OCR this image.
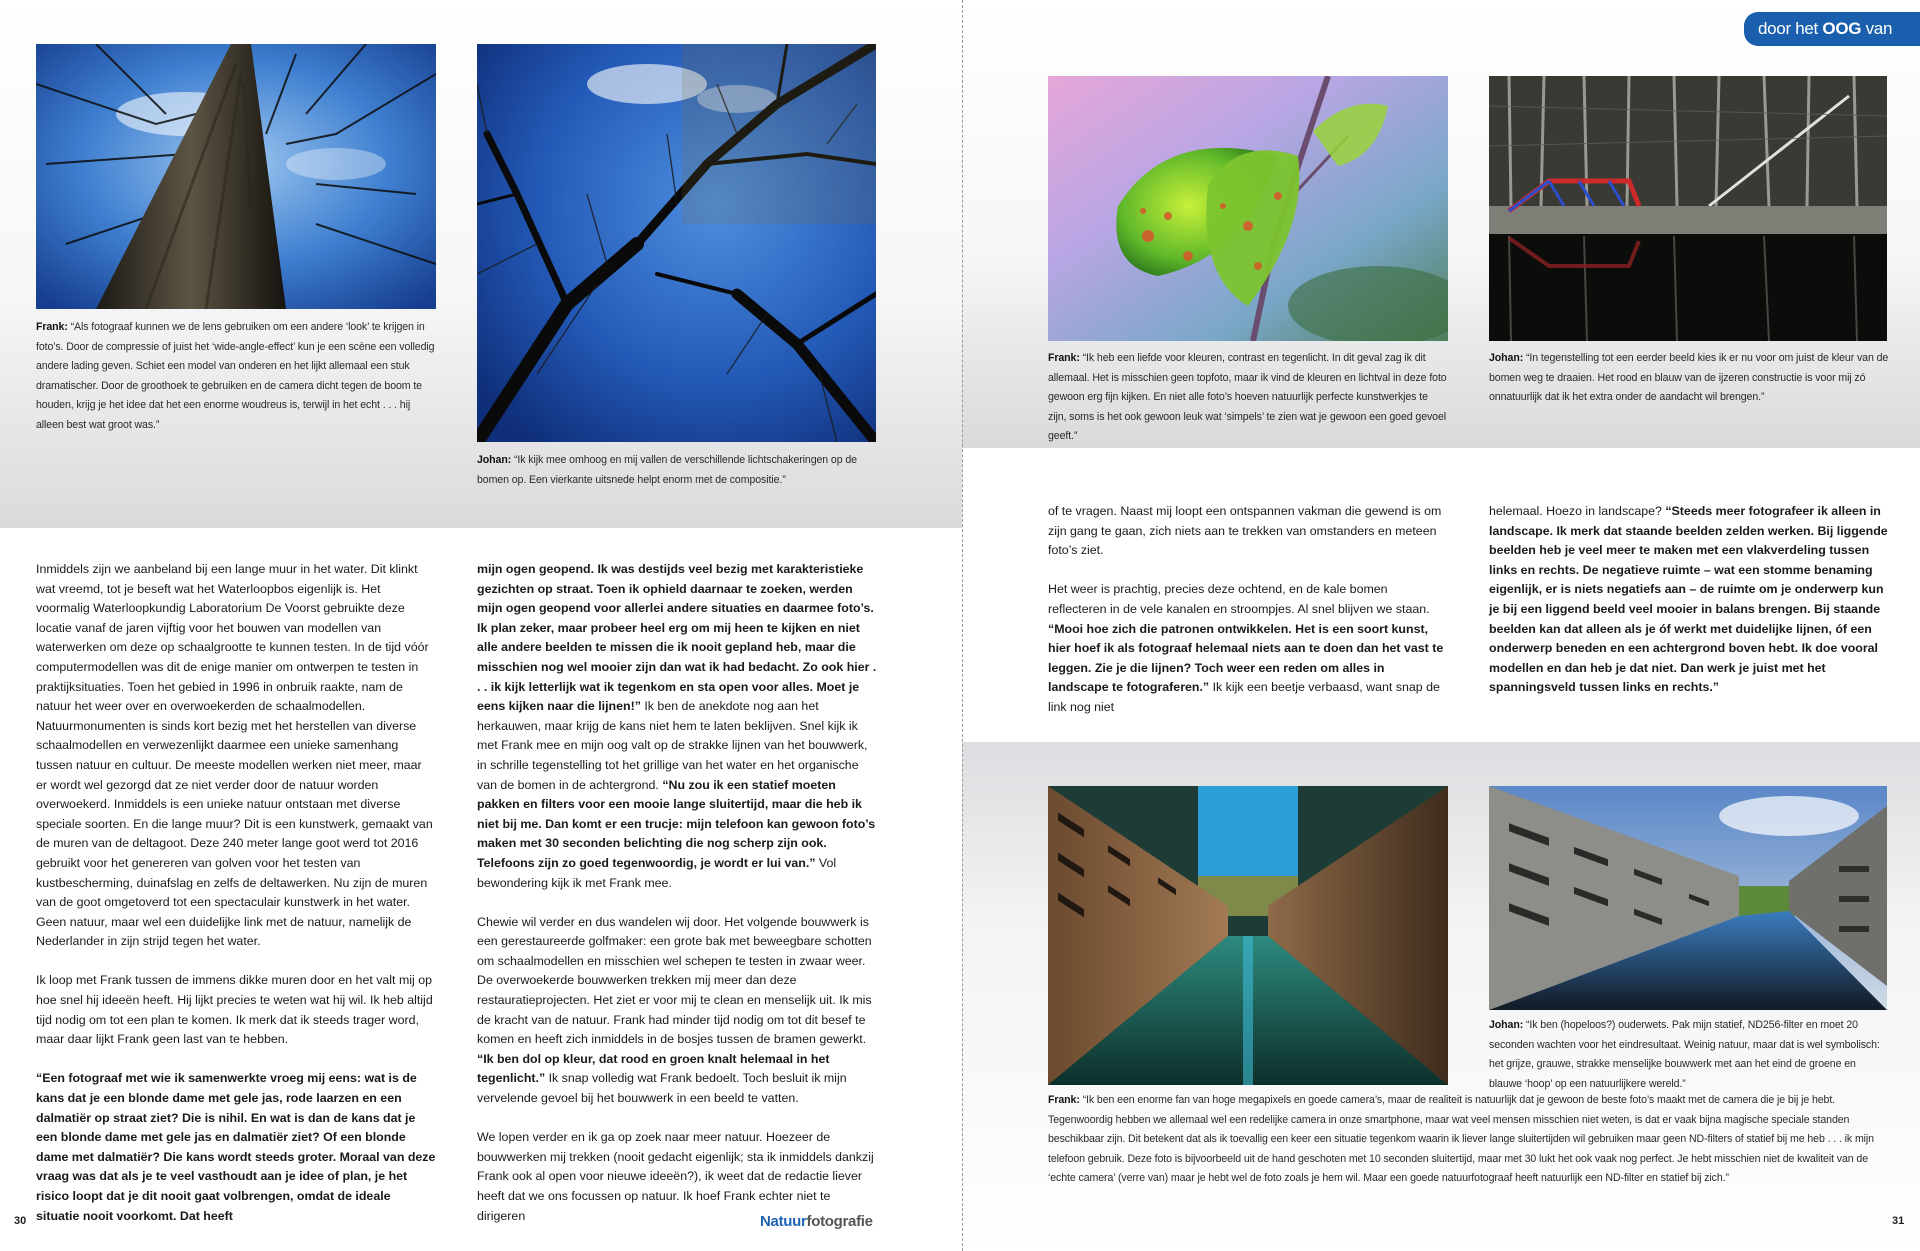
Frank: “Als fotograaf kunnen we de lens gebruiken om een andere ‘look’ te krijgen in foto’s. Door de compressie of juist het ‘wide-angle-effect’ kun je een scène een volledig andere lading geven. Schiet een model van onderen en het lijkt allemaal een stuk dramatischer. Door de groothoek te gebruiken en de camera dicht tegen de boom te houden, krijg je het idee dat het een enorme woudreus is, terwijl in het echt . . . hij alleen best wat groot was.”
Johan: “Ik kijk mee omhoog en mij vallen de verschillende lichtschakeringen op de bomen op. Een vierkante uitsnede helpt enorm met de compositie.”

Inmiddels zijn we aanbeland bij een lange muur in het water. Dit klinkt wat vreemd, tot je beseft wat het Waterloopbos eigenlijk is. Het voormalig Waterloopkundig Laboratorium De Voorst gebruikte deze locatie vanaf de jaren vijftig voor het bouwen van modellen van waterwerken om deze op schaalgrootte te kunnen testen. In de tijd vóór computermodellen was dit de enige manier om ontwerpen te testen in praktijksituaties. Toen het gebied in 1996 in onbruik raakte, nam de natuur het weer over en overwoekerden de schaalmodellen. Natuurmonumenten is sinds kort bezig met het herstellen van diverse schaalmodellen en verwezenlijkt daarmee een unieke samenhang tussen natuur en cultuur. De meeste modellen werken niet meer, maar er wordt wel gezorgd dat ze niet verder door de natuur worden overwoekerd. Inmiddels is een unieke natuur ontstaan met diverse speciale soorten. En die lange muur? Dit is een kunstwerk, gemaakt van de muren van de deltagoot. Deze 240 meter lange goot werd tot 2016 gebruikt voor het genereren van golven voor het testen van kustbescherming, duinafslag en zelfs de deltawerken. Nu zijn de muren van de goot omgetoverd tot een spectaculair kunstwerk in het water. Geen natuur, maar wel een duidelijke link met de natuur, namelijk de Nederlander in zijn strijd tegen het water.

Ik loop met Frank tussen de immens dikke muren door en het valt mij op hoe snel hij ideeën heeft. Hij lijkt precies te weten wat hij wil. Ik heb altijd tijd nodig om tot een plan te komen. Ik merk dat ik steeds trager word, maar daar lijkt Frank geen last van te hebben.

“Een fotograaf met wie ik samenwerkte vroeg mij eens: wat is de kans dat je een blonde dame met gele jas, rode laarzen en een dalmatiër op straat ziet? Die is nihil. En wat is dan de kans dat je een blonde dame met gele jas en dalmatiër ziet? Of een blonde dame met dalmatiër? Die kans wordt steeds groter. Moraal van deze vraag was dat als je te veel vasthoudt aan je idee of plan, je het risico loopt dat je dit nooit gaat volbrengen, omdat de ideale situatie nooit voorkomt. Dat heeft

mijn ogen geopend. Ik was destijds veel bezig met karakteristieke gezichten op straat. Toen ik ophield daarnaar te zoeken, werden mijn ogen geopend voor allerlei andere situaties en daarmee foto’s. Ik plan zeker, maar probeer heel erg om mij heen te kijken en niet alle andere beelden te missen die ik nooit gepland heb, maar die misschien nog wel mooier zijn dan wat ik had bedacht. Zo ook hier . . . ik kijk letterlijk wat ik tegenkom en sta open voor alles. Moet je eens kijken naar die lijnen!” Ik ben de anekdote nog aan het herkauwen, maar krijg de kans niet hem te laten beklijven. Snel kijk ik met Frank mee en mijn oog valt op de strakke lijnen van het bouwwerk, in schrille tegenstelling tot het grillige van het water en het organische van de bomen in de achtergrond. “Nu zou ik een statief moeten pakken en filters voor een mooie lange sluitertijd, maar die heb ik niet bij me. Dan komt er een trucje: mijn telefoon kan gewoon foto’s maken met 30 seconden belichting die nog scherp zijn ook. Telefoons zijn zo goed tegenwoordig, je wordt er lui van.” Vol bewondering kijk ik met Frank mee.

Chewie wil verder en dus wandelen wij door. Het volgende bouwwerk is een gerestaureerde golfmaker: een grote bak met beweegbare schotten om schaalmodellen en misschien wel schepen te testen in zwaar weer. De overwoekerde bouwwerken trekken mij meer dan deze restauratieprojecten. Het ziet er voor mij te clean en menselijk uit. Ik mis de kracht van de natuur. Frank had minder tijd nodig om tot dit besef te komen en heeft zich inmiddels in de bosjes tussen de bramen gewerkt. “Ik ben dol op kleur, dat rood en groen knalt helemaal in het tegenlicht.” Ik snap volledig wat Frank bedoelt. Toch besluit ik mijn vervelende gevoel bij het bouwwerk in een beeld te vatten.

We lopen verder en ik ga op zoek naar meer natuur. Hoezeer de bouwwerken mij trekken (nooit gedacht eigenlijk; sta ik inmiddels dankzij Frank ook al open voor nieuwe ideeën?), ik weet dat de redactie liever heeft dat we ons focussen op natuur. Ik hoef Frank echter niet te dirigeren

30	Natuurfotografie
door het OOG van
Frank: “Ik heb een liefde voor kleuren, contrast en tegenlicht. In dit geval zag ik dit allemaal. Het is misschien geen topfoto, maar ik vind de kleuren en lichtval in deze foto gewoon erg fijn kijken. En niet alle foto’s hoeven natuurlijk perfecte kunstwerkjes te zijn, soms is het ook gewoon leuk wat ‘simpels’ te zien wat je gewoon een goed gevoel geeft.”
Johan: “In tegenstelling tot een eerder beeld kies ik er nu voor om juist de kleur van de bomen weg te draaien. Het rood en blauw van de ijzeren constructie is voor mij zó onnatuurlijk dat ik het extra onder de aandacht wil brengen.”

of te vragen. Naast mij loopt een ontspannen vakman die gewend is om zijn gang te gaan, zich niets aan te trekken van omstanders en meteen foto’s ziet.

Het weer is prachtig, precies deze ochtend, en de kale bomen reflecteren in de vele kanalen en stroompjes. Al snel blijven we staan. “Mooi hoe zich die patronen ontwikkelen. Het is een soort kunst, hier hoef ik als fotograaf helemaal niets aan te doen dan het vast te leggen. Zie je die lijnen? Toch weer een reden om alles in landscape te fotograferen.” Ik kijk een beetje verbaasd, want snap de link nog niet

helemaal. Hoezo in landscape? “Steeds meer fotografeer ik alleen in landscape. Ik merk dat staande beelden zelden werken. Bij liggende beelden heb je veel meer te maken met een vlakverdeling tussen links en rechts. De negatieve ruimte – wat een stomme benaming eigenlijk, er is niets negatiefs aan – de ruimte om je onderwerp kun je bij een liggend beeld veel mooier in balans brengen. Bij staande beelden kan dat alleen als je óf werkt met duidelijke lijnen, óf een onderwerp beneden en een achtergrond boven hebt. Ik doe vooral modellen en dan heb je dat niet. Dan werk je juist met het spanningsveld tussen links en rechts.”

Frank: “Ik ben een enorme fan van hoge megapixels en goede camera’s, maar de realiteit is natuurlijk dat je gewoon de beste foto’s maakt met de camera die je bij je hebt. Tegenwoordig hebben we allemaal wel een redelijke camera in onze smartphone, maar wat veel mensen misschien niet weten, is dat er vaak bijna magische speciale standen beschikbaar zijn. Dit betekent dat als ik toevallig een keer een situatie tegenkom waarin ik liever lange sluitertijden wil gebruiken maar geen ND-filters of statief bij me heb . . . ik mijn telefoon gebruik. Deze foto is bijvoorbeeld uit de hand geschoten met 10 seconden sluitertijd, maar met 30 lukt het ook vaak nog perfect. Je hebt misschien niet de kwaliteit van de ‘echte camera’ (verre van) maar je hebt wel de foto zoals je hem wil. Maar een goede natuurfotograaf heeft natuurlijk een ND-filter en statief bij zich.”
Johan: “Ik ben (hopeloos?) ouderwets. Pak mijn statief, ND256-filter en moet 20 seconden wachten voor het eindresultaat. Weinig natuur, maar dat is wel symbolisch: het grijze, grauwe, strakke menselijke bouwwerk met aan het eind de groene en blauwe ‘hoop’ op een natuurlijkere wereld.”
31
